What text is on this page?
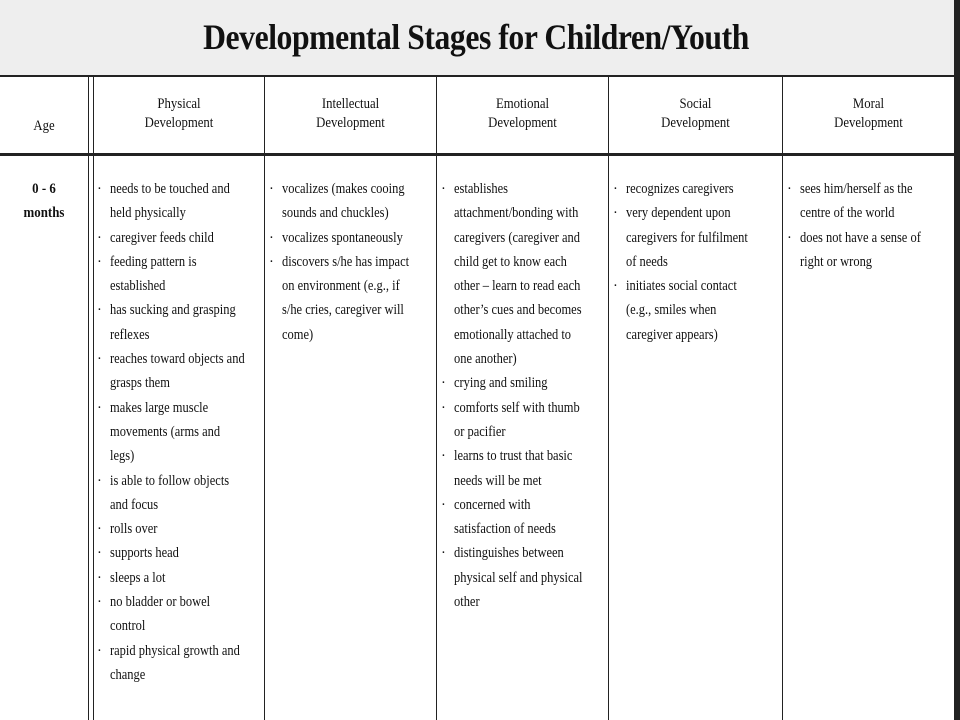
Developmental Stages for Children/Youth
Age
Physical
Development
Intellectual
Development
Emotional
Development
Social
Development
Moral
Development
0 - 6
months
· needs to be touched and
held physically
· caregiver feeds child
· feeding pattern is
established
· has sucking and grasping
reflexes
· reaches toward objects and
grasps them
· makes large muscle
movements (arms and
legs)
· is able to follow objects
and focus
· rolls over
· supports head
· sleeps a lot
· no bladder or bowel
control
· rapid physical growth and
change
· vocalizes (makes cooing
sounds and chuckles)
· vocalizes spontaneously
· discovers s/he has impact
on environment (e.g., if
s/he cries, caregiver will
come)
· establishes
attachment/bonding with
caregivers (caregiver and
child get to know each
other – learn to read each
other’s cues and becomes
emotionally attached to
one another)
· crying and smiling
· comforts self with thumb
or pacifier
· learns to trust that basic
needs will be met
· concerned with
satisfaction of needs
· distinguishes between
physical self and physical
other
· recognizes caregivers
· very dependent upon
caregivers for fulfilment
of needs
· initiates social contact
(e.g., smiles when
caregiver appears)
· sees him/herself as the
centre of the world
· does not have a sense of
right or wrong
